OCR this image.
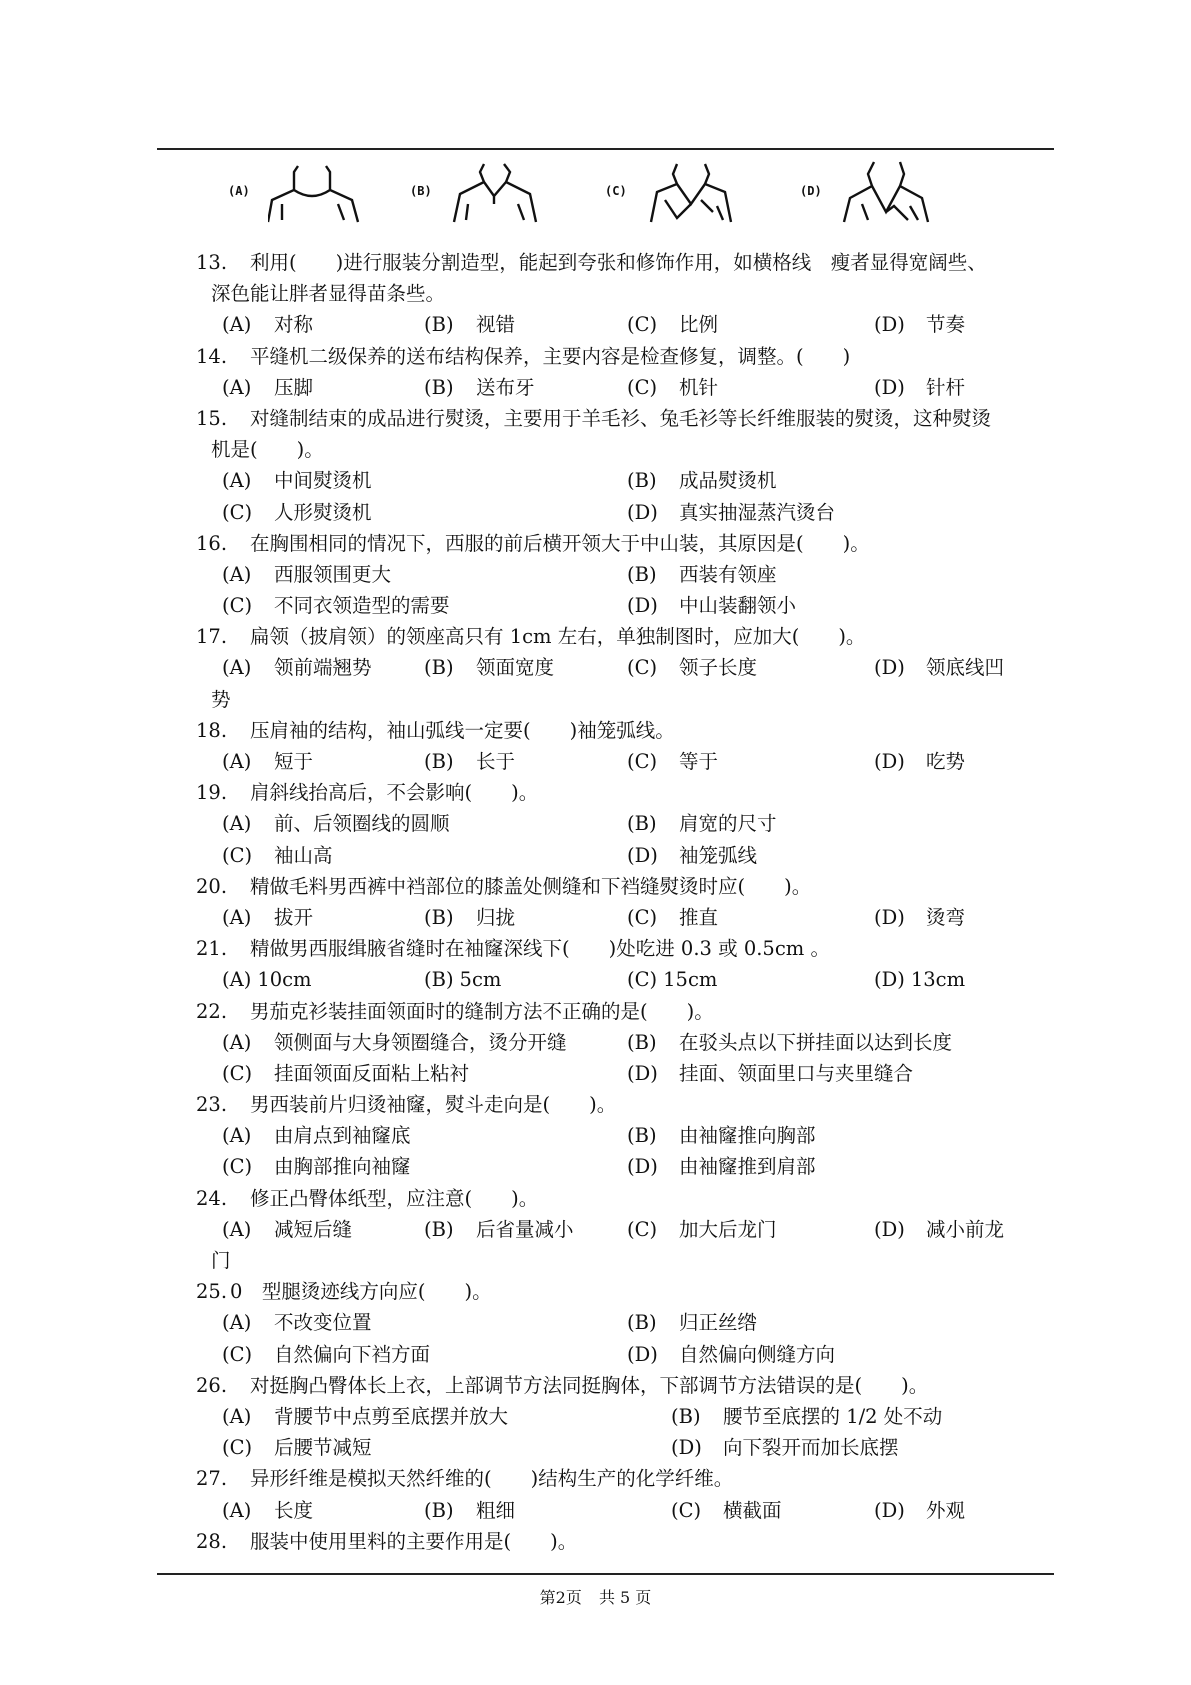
(A)	(B)	(C)	(D)
13. 利用(　　)进行服装分割造型，能起到夸张和修饰作用，如横格线　瘦者显得宽阔些、
深色能让胖者显得苗条些。
(A) 对称	(B) 视错	(C) 比例	(D) 节奏
14. 平缝机二级保养的送布结构保养，主要内容是检查修复，调整。(　　)
(A) 压脚	(B) 送布牙	(C) 机针	(D) 针杆
15. 对缝制结束的成品进行熨烫，主要用于羊毛衫、兔毛衫等长纤维服装的熨烫，这种熨烫
机是(　　)。
(A) 中间熨烫机	(B) 成品熨烫机
(C) 人形熨烫机	(D) 真实抽湿蒸汽烫台
16. 在胸围相同的情况下，西服的前后横开领大于中山装，其原因是(　　)。
(A) 西服领围更大	(B) 西装有领座
(C) 不同衣领造型的需要	(D) 中山装翻领小
17. 扁领（披肩领）的领座高只有 1cm 左右，单独制图时，应加大(　　)。
(A) 领前端翘势	(B) 领面宽度	(C) 领子长度	(D) 领底线凹
势
18. 压肩袖的结构，袖山弧线一定要(　　)袖笼弧线。
(A) 短于	(B) 长于	(C) 等于	(D) 吃势
19. 肩斜线抬高后，不会影响(　　)。
(A) 前、后领圈线的圆顺	(B) 肩宽的尺寸
(C) 袖山高	(D) 袖笼弧线
20. 精做毛料男西裤中裆部位的膝盖处侧缝和下裆缝熨烫时应(　　)。
(A) 拔开	(B) 归拢	(C) 推直	(D) 烫弯
21. 精做男西服缉腋省缝时在袖窿深线下(　　)处吃进 0.3 或 0.5cm 。
(A) 10cm	(B) 5cm	(C) 15cm	(D) 13cm
22. 男茄克衫装挂面领面时的缝制方法不正确的是(　　)。
(A) 领侧面与大身领圈缝合，烫分开缝	(B) 在驳头点以下拼挂面以达到长度
(C) 挂面领面反面粘上粘衬	(D) 挂面、领面里口与夹里缝合
23. 男西装前片归烫袖窿，熨斗走向是(　　)。
(A) 由肩点到袖窿底	(B) 由袖窿推向胸部
(C) 由胸部推向袖窿	(D) 由袖窿推到肩部
24. 修正凸臀体纸型，应注意(　　)。
(A) 减短后缝	(B) 后省量减小	(C) 加大后龙门	(D) 减小前龙
门
25. 0　型腿烫迹线方向应(　　)。
(A) 不改变位置	(B) 归正丝绺
(C) 自然偏向下裆方面	(D) 自然偏向侧缝方向
26. 对挺胸凸臀体长上衣，上部调节方法同挺胸体，下部调节方法错误的是(　　)。
(A) 背腰节中点剪至底摆并放大	(B) 腰节至底摆的 1/2 处不动
(C) 后腰节减短	(D) 向下裂开而加长底摆
27. 异形纤维是模拟天然纤维的(　　)结构生产的化学纤维。
(A) 长度	(B) 粗细	(C) 横截面	(D) 外观
28. 服装中使用里料的主要作用是(　　)。
第2页 共 5 页
